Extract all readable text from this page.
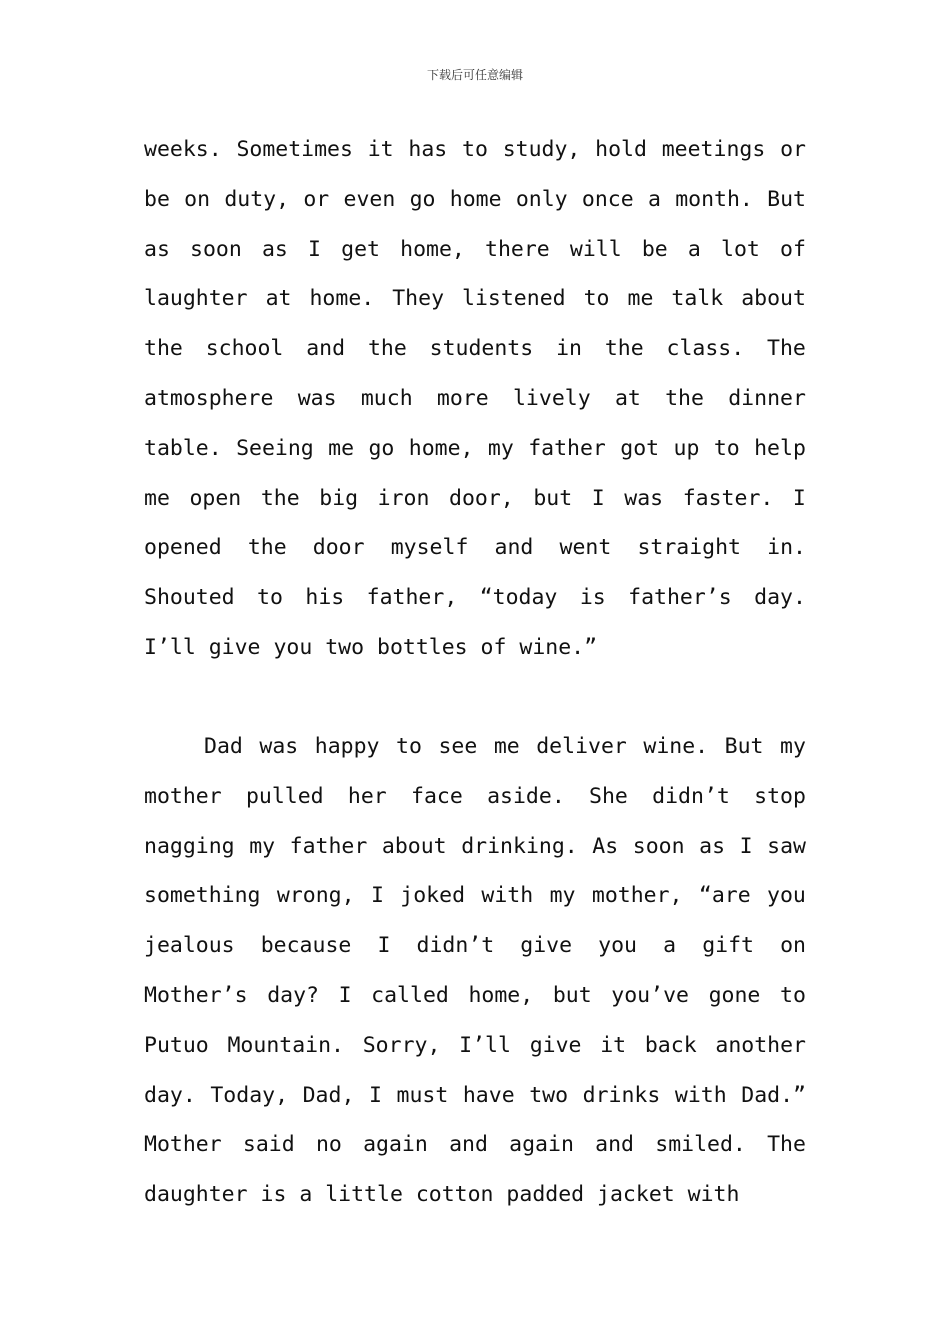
下载后可任意编辑
weeks. Sometimes it has to study, hold meetings or
be on duty, or even go home only once a month. But
as soon as I get home, there will be a lot of
laughter at home. They listened to me talk about
the school and the students in the class. The
atmosphere was much more lively at the dinner
table. Seeing me go home, my father got up to help
me open the big iron door, but I was faster. I
opened the door myself and went straight in.
Shouted to his father, “today is father’s day.
I’ll give you two bottles of wine.”
Dad was happy to see me deliver wine. But my
mother pulled her face aside. She didn’t stop
nagging my father about drinking. As soon as I saw
something wrong, I joked with my mother, “are you
jealous because I didn’t give you a gift on
Mother’s day? I called home, but you’ve gone to
Putuo Mountain. Sorry, I’ll give it back another
day. Today, Dad, I must have two drinks with Dad.”
Mother said no again and again and smiled. The
daughter is a little cotton padded jacket with
